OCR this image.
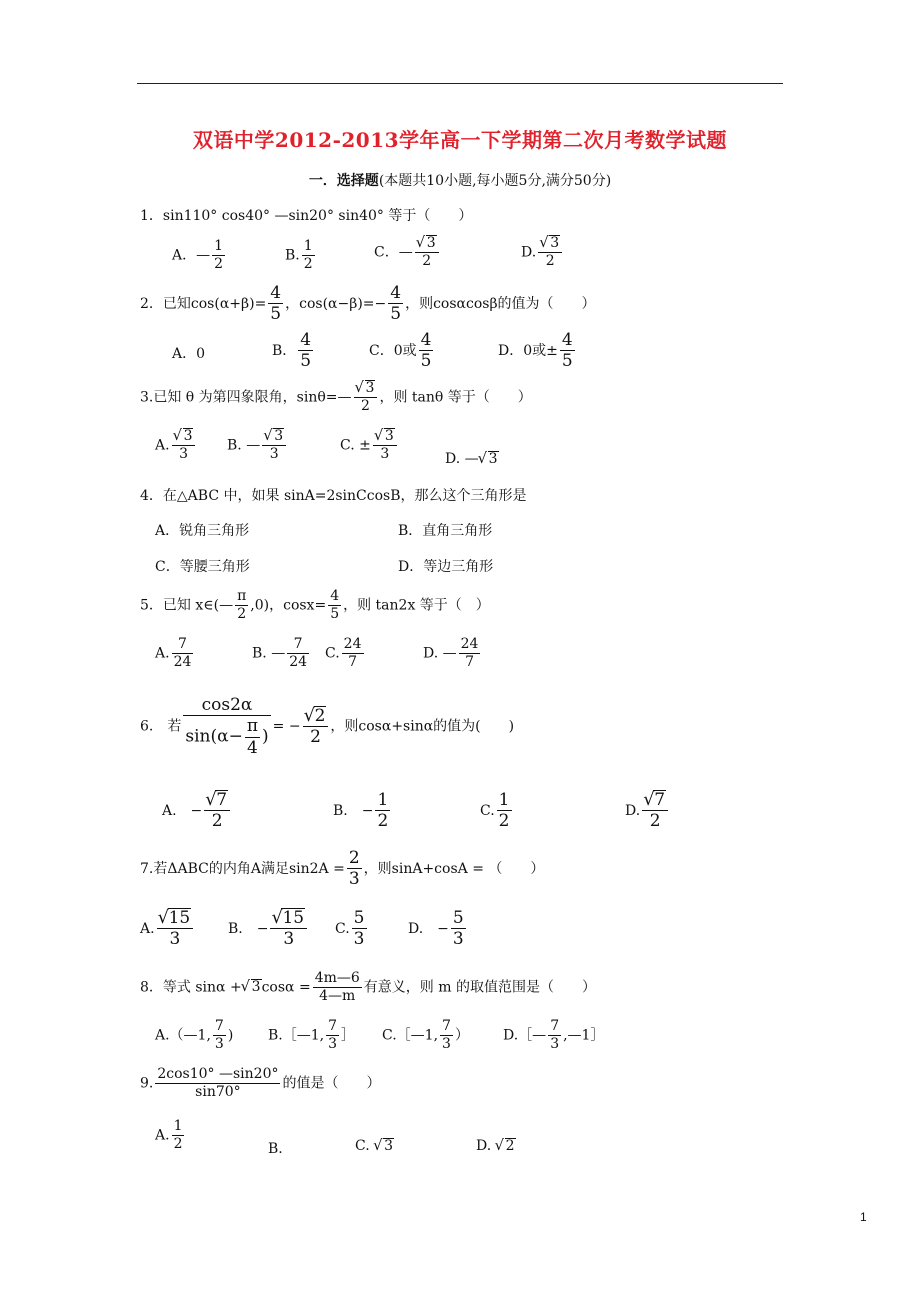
双语中学2012-2013学年高一下学期第二次月考数学试题
一．选择题(本题共10小题,每小题5分,满分50分)
1．sin110° cos40° —sin20° sin40° 等于（　　）
A．— $\frac{1}{2}$	B. $\frac{1}{2}$	C．— √ $\frac{3}{2}$	D. √ $\frac{3}{2}$
2．已知$\cos(\alpha+\beta)= \frac{4}{5}$ ，$\cos(\alpha-\beta)=- \frac{4}{5}$ ，则cosαcosβ的值为（　　）
A．0	B． $\frac{4}{5}$	C．0或 $\frac{4}{5}$	D．0或± $\frac{4}{5}$
3.已知 θ 为第四象限角，sinθ=— √ $\frac{3}{2}$ ，则 tanθ 等于（　　）
A. √ $\frac{3}{3} B$. — √ $\frac{3}{3}$	C. ± √ $\frac{3}{3}$	D. — √ 3
4．在△ABC 中，如果 sinA=2sinCcosB，那么这个三角形是
A．锐角三角形	B．直角三角形
C．等腰三角形	D．等边三角形
5．已知 x∈(— $\frac{\pi}{2} ,0$)，$\cos x= \frac{4}{5}$ ，则 tan2x 等于（　）
A. $\frac{7}{24}$	B. — $\frac{7}{24} C$. $\frac{24}{7}$	D. — $\frac{24}{7}$
6.　若 $\frac{\cos 2\alpha}{\sin(\alpha- \frac{\pi}{4} )}$ = − √ $\frac{2}{2}$ ，则cosα+sinα的值为(　　)
A.　− √ $\frac{7}{2}$	B.　− $\frac{1}{2}$	C. $\frac{1}{2}$	D. √ $\frac{7}{2}$
7.若ΔABC的内角A满足$\sin 2A = \frac{2}{3}$ ，则sinA+cosA = （　　）
A. √ $\frac{15}{3} B$.　− √ $\frac{15}{3} C$. $\frac{5}{3}$	D.　− $\frac{5}{3}$
8．等式 sinα + √ $3\cos\alpha = \frac{4m—6}{4—m}$ 有意义，则 m 的取值范围是（　　）
A.（—1, $\frac{7}{3}$ ) B.［—1, $\frac{7}{3}$ ］ C.［—1, $\frac{7}{3}$ ） D.［— $\frac{7}{3}$ ,—1］
9. $\frac{2\cos 10^\circ —\sin 20^\circ}{\sin 70^\circ}$ 的值是（　　）
A. $\frac{1}{2}$	B.	C. √ 3	D. √ 2
1
